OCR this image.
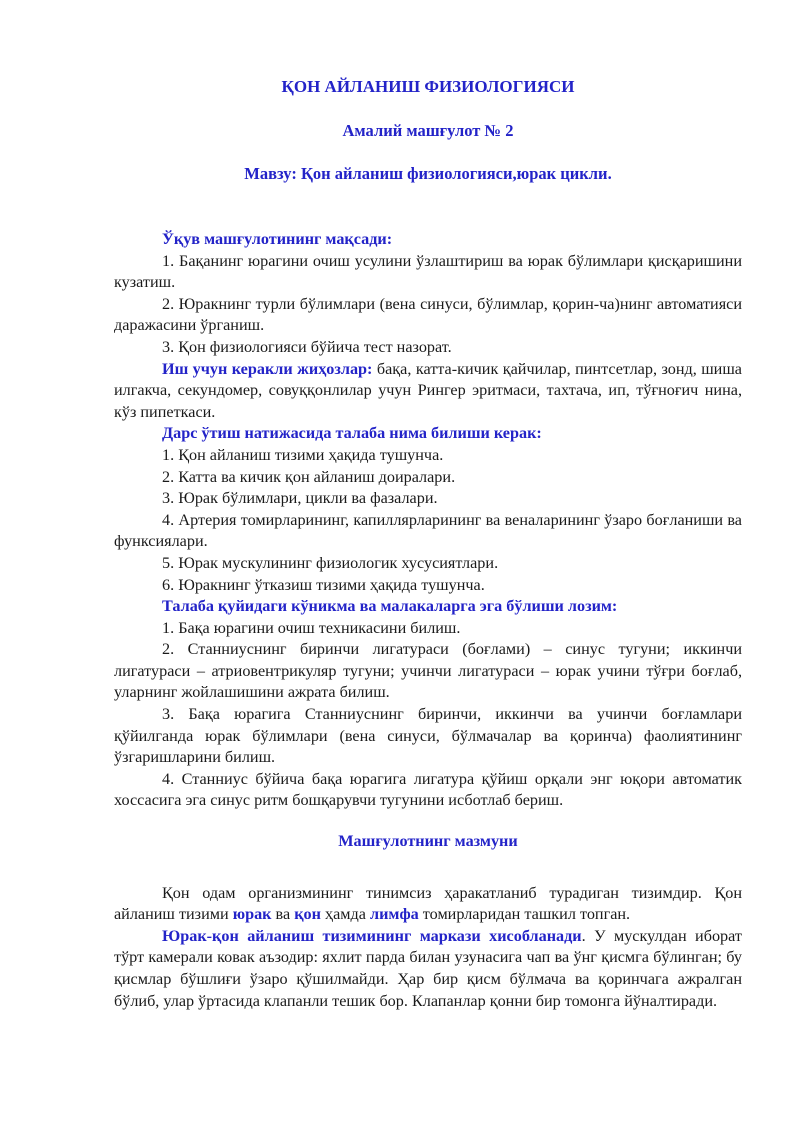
ҚОН АЙЛАНИШ ФИЗИОЛОГИЯСИ
Амалий машғулот № 2
Мавзу: Қон айланиш физиологияси,юрак цикли.

Ўқув машғулотининг мақсади:

1. Бақанинг юрагини очиш усулини ўзлаштириш ва юрак бўлимлари қисқаришини кузатиш.

2. Юракнинг турли бўлимлари (вена синуси, бўлимлар, қорин-ча)нинг автоматияси даражасини ўрганиш.

3. Қон физиологияси бўйича тест назорат.

Иш учун керакли жиҳозлар: бақа, катта-кичик қайчилар, пинтсетлар, зонд, шиша илгакча, секундомер, совуққонлилар учун Рингер эритмаси, тахтача, ип, тўғноғич нина, кўз пипеткаси.

Дарс ўтиш натижасида талаба нима билиши керак:

1. Қон айланиш тизими ҳақида тушунча.

2. Катта ва кичик қон айланиш доиралари.

3. Юрак бўлимлари, цикли ва фазалари.

4. Артерия томирларининг, капиллярларининг ва веналарининг ўзаро боғланиши ва функсиялари.

5. Юрак мускулининг физиологик хусусиятлари.

6. Юракнинг ўтказиш тизими ҳақида тушунча.

Талаба қуйидаги кўникма ва малакаларга эга бўлиши лозим:

1. Бақа юрагини очиш техникасини билиш.

2. Станниуснинг биринчи лигатураси (боғлами) – синус тугуни; иккинчи лигатураси – атриовентрикуляр тугуни; учинчи лигатураси – юрак учини тўғри боғлаб, уларнинг жойлашишини ажрата билиш.

3. Бақа юрагига Станниуснинг биринчи, иккинчи ва учинчи боғламлари қўйилганда юрак бўлимлари (вена синуси, бўлмачалар ва қоринча) фаолиятининг ўзгаришларини билиш.

4. Станниус бўйича бақа юрагига лигатура қўйиш орқали энг юқори автоматик хоссасига эга синус ритм бошқарувчи тугунини исботлаб бериш.

Машғулотнинг мазмуни

Қон одам организмининг тинимсиз ҳаракатланиб турадиган тизимдир. Қон айланиш тизими юрак ва қон ҳамда лимфа томирларидан ташкил топган.

Юрак-қон айланиш тизимининг маркази хисобланади. У мускулдан иборат тўрт камерали ковак аъзодир: яхлит парда билан узунасига чап ва ўнг қисмга бўлинган; бу қисмлар бўшлиғи ўзаро қўшилмайди. Ҳар бир қисм бўлмача ва қоринчага ажралган бўлиб, улар ўртасида клапанли тешик бор. Клапанлар қонни бир томонга йўналтиради.
